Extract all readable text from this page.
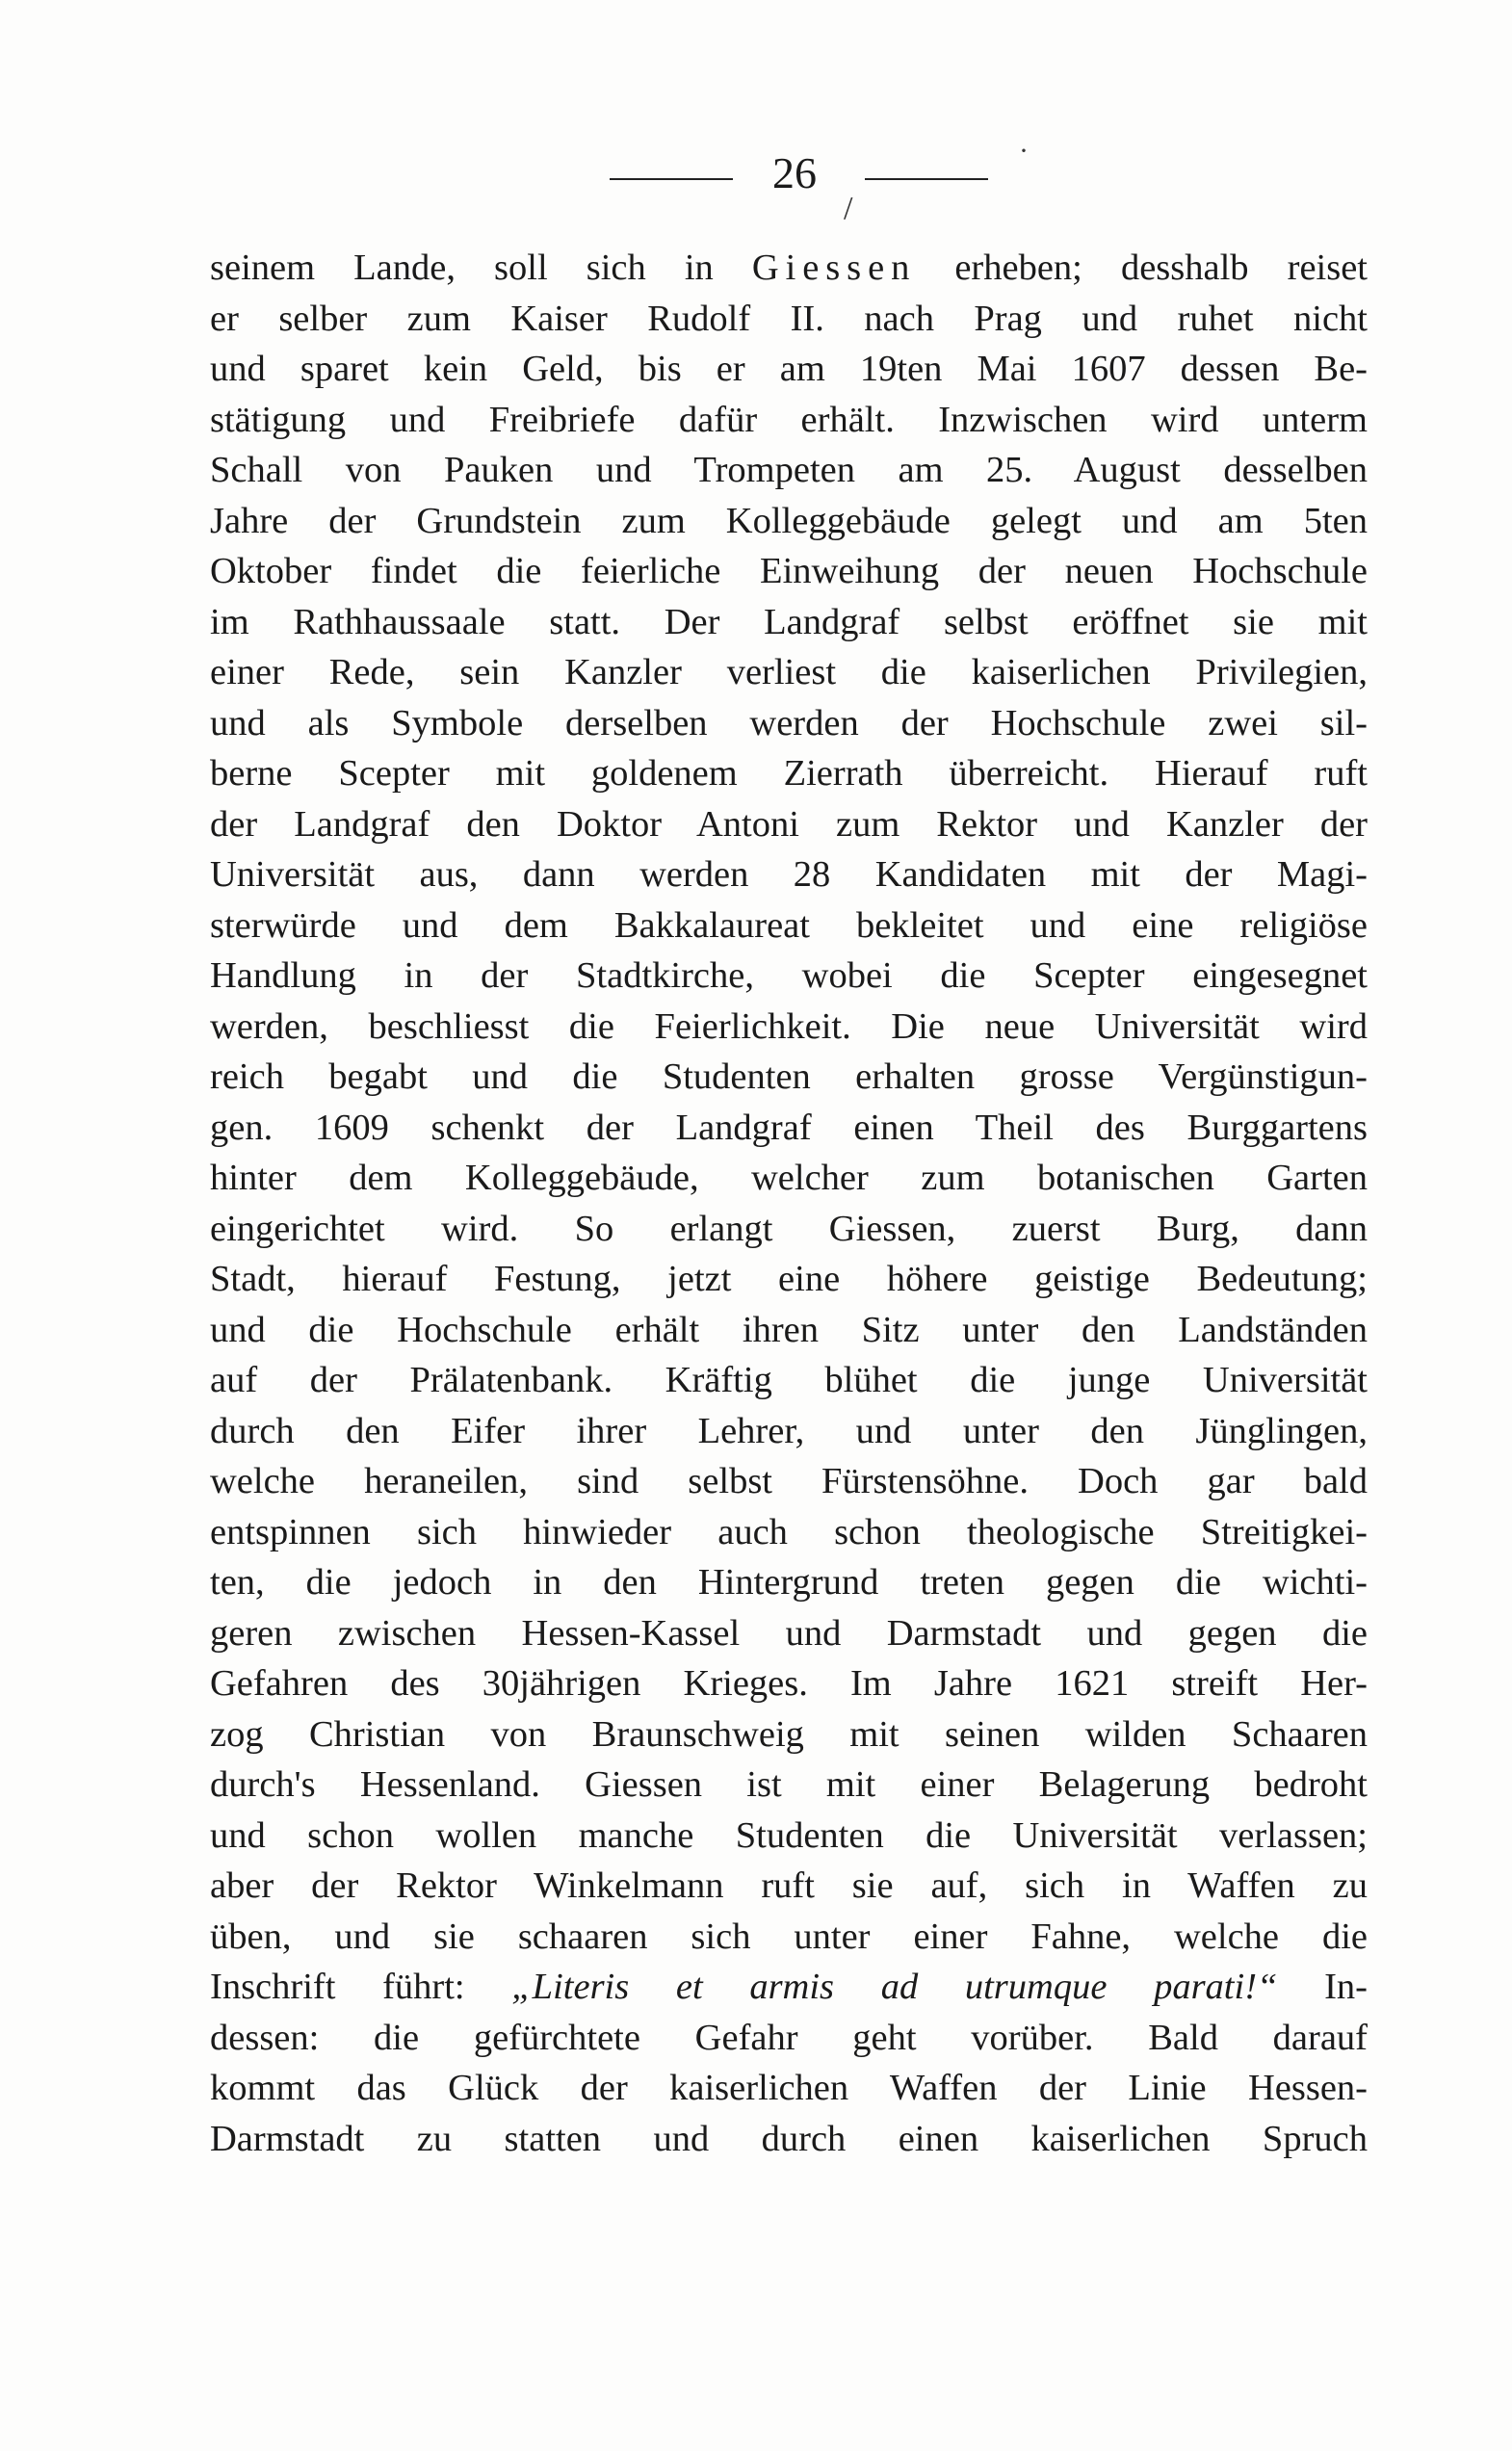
26	·
/
seinem Lande, soll sich in Giessen erheben; desshalb reiset
er selber zum Kaiser Rudolf II. nach Prag und ruhet nicht
und sparet kein Geld, bis er am 19ten Mai 1607 dessen Be-
stätigung und Freibriefe dafür erhält. Inzwischen wird unterm
Schall von Pauken und Trompeten am 25. August desselben
Jahre der Grundstein zum Kolleggebäude gelegt und am 5ten
Oktober findet die feierliche Einweihung der neuen Hochschule
im Rathhaussaale statt. Der Landgraf selbst eröffnet sie mit
einer Rede, sein Kanzler verliest die kaiserlichen Privilegien,
und als Symbole derselben werden der Hochschule zwei sil-
berne Scepter mit goldenem Zierrath überreicht. Hierauf ruft
der Landgraf den Doktor Antoni zum Rektor und Kanzler der
Universität aus, dann werden 28 Kandidaten mit der Magi-
sterwürde und dem Bakkalaureat bekleitet und eine religiöse
Handlung in der Stadtkirche, wobei die Scepter eingesegnet
werden, beschliesst die Feierlichkeit. Die neue Universität wird
reich begabt und die Studenten erhalten grosse Vergünstigun-
gen. 1609 schenkt der Landgraf einen Theil des Burggartens
hinter dem Kolleggebäude, welcher zum botanischen Garten
eingerichtet wird. So erlangt Giessen, zuerst Burg, dann
Stadt, hierauf Festung, jetzt eine höhere geistige Bedeutung;
und die Hochschule erhält ihren Sitz unter den Landständen
auf der Prälatenbank. Kräftig blühet die junge Universität
durch den Eifer ihrer Lehrer, und unter den Jünglingen,
welche heraneilen, sind selbst Fürstensöhne. Doch gar bald
entspinnen sich hinwieder auch schon theologische Streitigkei-
ten, die jedoch in den Hintergrund treten gegen die wichti-
geren zwischen Hessen-Kassel und Darmstadt und gegen die
Gefahren des 30jährigen Krieges. Im Jahre 1621 streift Her-
zog Christian von Braunschweig mit seinen wilden Schaaren
durch's Hessenland. Giessen ist mit einer Belagerung bedroht
und schon wollen manche Studenten die Universität verlassen;
aber der Rektor Winkelmann ruft sie auf, sich in Waffen zu
üben, und sie schaaren sich unter einer Fahne, welche die
Inschrift führt: „Literis et armis ad utrumque parati!“ In-
dessen: die gefürchtete Gefahr geht vorüber. Bald darauf
kommt das Glück der kaiserlichen Waffen der Linie Hessen-
Darmstadt zu statten und durch einen kaiserlichen Spruch
